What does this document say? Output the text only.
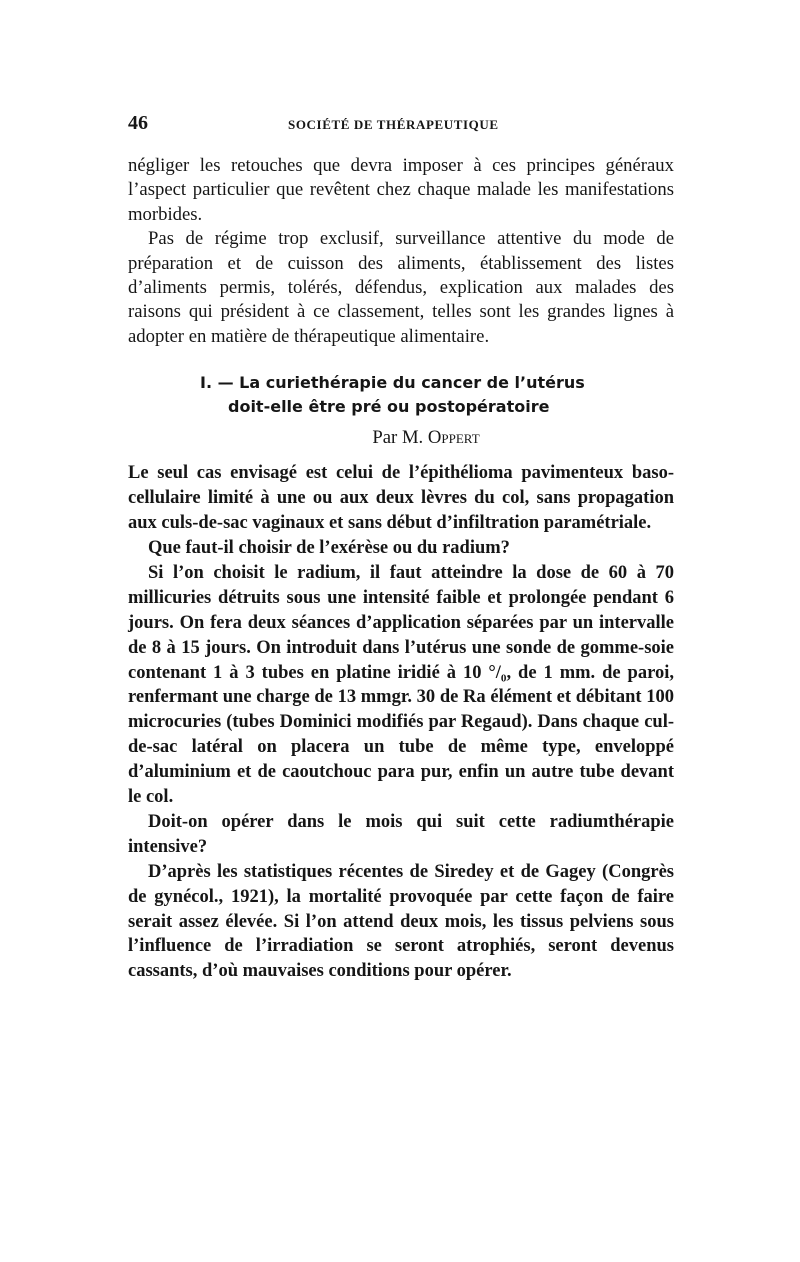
46	SOCIÉTÉ DE THÉRAPEUTIQUE

négliger les retouches que devra imposer à ces principes généraux l’aspect particulier que revêtent chez chaque malade les manifestations morbides.

Pas de régime trop exclusif, surveillance attentive du mode de préparation et de cuisson des aliments, établissement des listes d’aliments permis, tolérés, défendus, explication aux malades des raisons qui président à ce classement, telles sont les grandes lignes à adopter en matière de thérapeutique alimentaire.

I. — La curiethérapie du cancer de l’utérus
doit-elle être pré ou postopératoire
Par M. Oppert

Le seul cas envisagé est celui de l’épithélioma pavimenteux baso-cellulaire limité à une ou aux deux lèvres du col, sans propagation aux culs-de-sac vaginaux et sans début d’infiltration paramétriale.

Que faut-il choisir de l’exérèse ou du radium?

Si l’on choisit le radium, il faut atteindre la dose de 60 à 70 millicuries détruits sous une intensité faible et prolongée pendant 6 jours. On fera deux séances d’application séparées par un intervalle de 8 à 15 jours. On introduit dans l’utérus une sonde de gomme-soie contenant 1 à 3 tubes en platine iridié à 10 °/₀, de 1 mm. de paroi, renfermant une charge de 13 mmgr. 30 de Ra élément et débitant 100 microcuries (tubes Dominici modifiés par Regaud). Dans chaque cul-de-sac latéral on placera un tube de même type, enveloppé d’aluminium et de caoutchouc para pur, enfin un autre tube devant le col.

Doit-on opérer dans le mois qui suit cette radiumthérapie intensive?

D’après les statistiques récentes de Siredey et de Gagey (Congrès de gynécol., 1921), la mortalité provoquée par cette façon de faire serait assez élevée. Si l’on attend deux mois, les tissus pelviens sous l’influence de l’irradiation se seront atrophiés, seront devenus cassants, d’où mauvaises conditions pour opérer.
